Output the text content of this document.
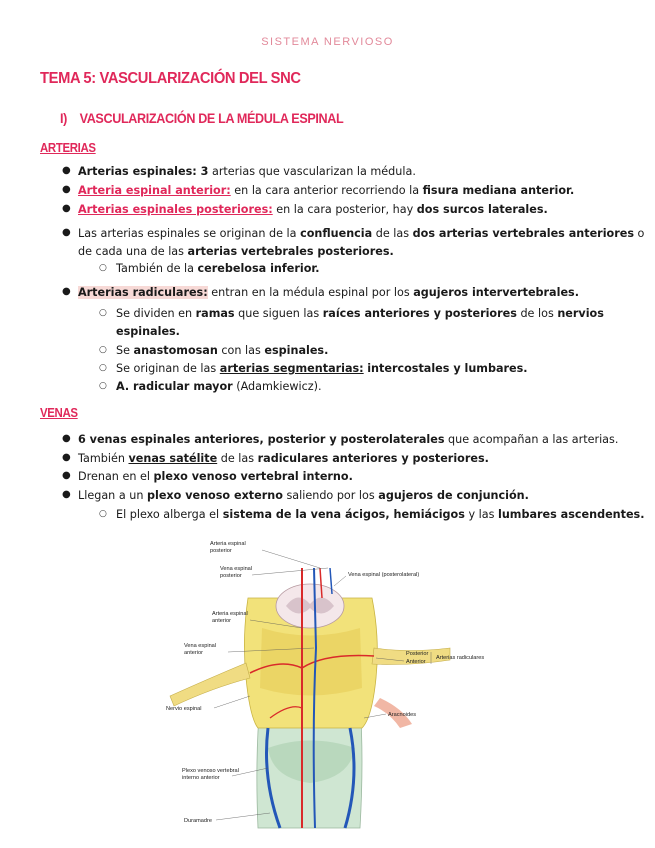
SISTEMA NERVIOSO
TEMA 5: VASCULARIZACIÓN DEL SNC
I) VASCULARIZACIÓN DE LA MÉDULA ESPINAL
ARTERIAS
● Arterias espinales: 3 arterias que vascularizan la médula.
● Arteria espinal anterior: en la cara anterior recorriendo la fisura mediana anterior.
● Arterias espinales posteriores: en la cara posterior, hay dos surcos laterales.
● Las arterias espinales se originan de la confluencia de las dos arterias vertebrales anteriores o
de cada una de las arterias vertebrales posteriores.
○ También de la cerebelosa inferior.
● Arterias radiculares: entran en la médula espinal por los agujeros intervertebrales.
○ Se dividen en ramas que siguen las raíces anteriores y posteriores de los nervios
espinales.
○ Se anastomosan con las espinales.
○ Se originan de las arterias segmentarias: intercostales y lumbares.
○ A. radicular mayor (Adamkiewicz).
VENAS
● 6 venas espinales anteriores, posterior y posterolaterales que acompañan a las arterias.
● También venas satélite de las radiculares anteriores y posteriores.
● Drenan en el plexo venoso vertebral interno.
● Llegan a un plexo venoso externo saliendo por los agujeros de conjunción.
○ El plexo alberga el sistema de la vena ácigos, hemiácigos y las lumbares ascendentes.
Arteria espinal
posterior
Vena espinal
posterior	Vena espinal (posterolateral)
Arteria espinal
anterior
Vena espinal
anterior	Posterior
Anterior
Arterias radiculares
Nervio espinal
Aracnoides
Plexo venoso vertebral
interno anterior
Duramadre
